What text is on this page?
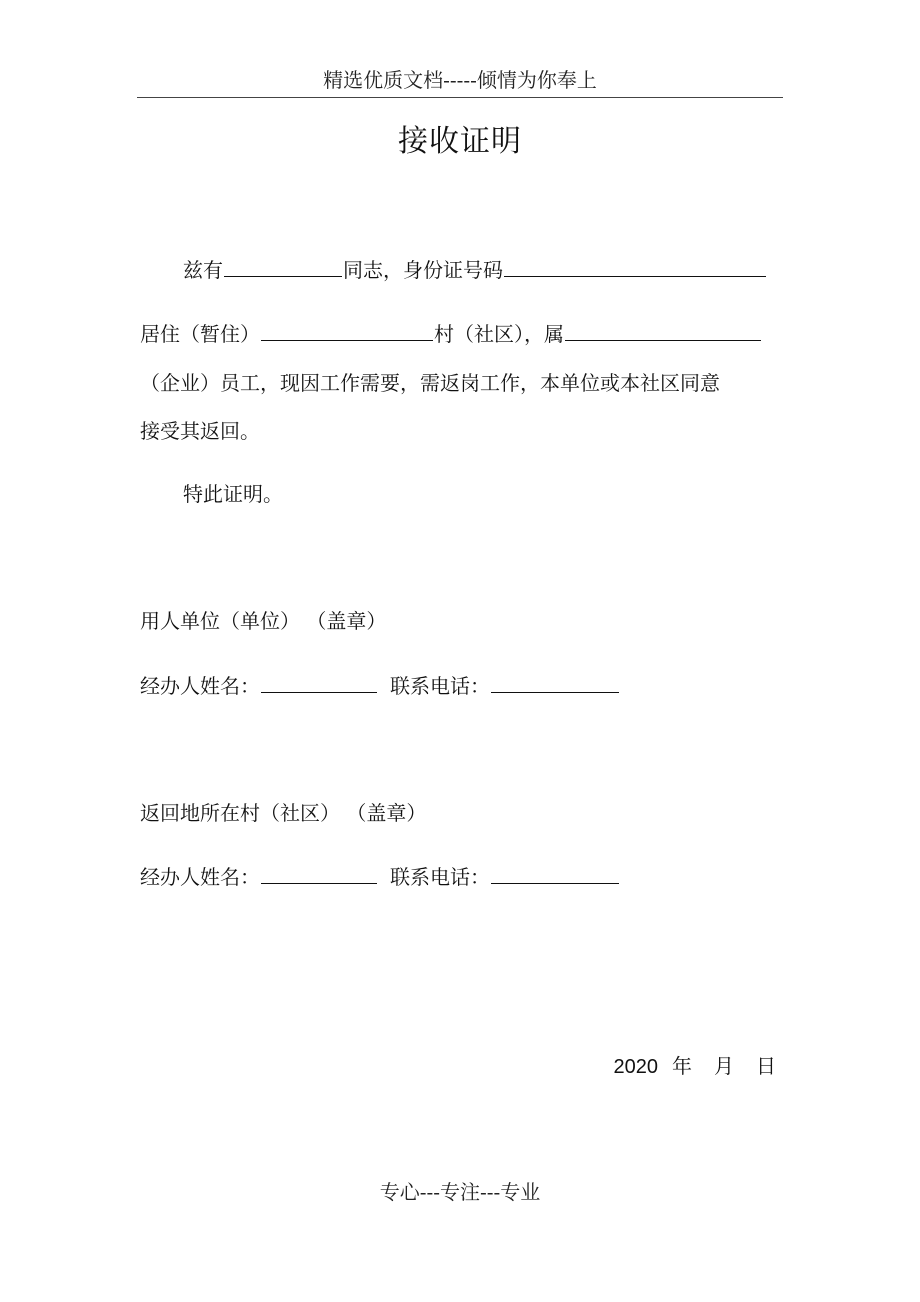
精选优质文档-----倾情为你奉上
接收证明
兹有	同志，身份证号码
居住（暂住）	村（社区），属
（企业）员工，现因工作需要，需返岗工作，本单位或本社区同意
接受其返回。
特此证明。
用人单位（单位） （盖章）
经办人姓名：	联系电话：
返回地所在村（社区） （盖章）
经办人姓名：	联系电话：
2020 年 月 日
专心---专注---专业
